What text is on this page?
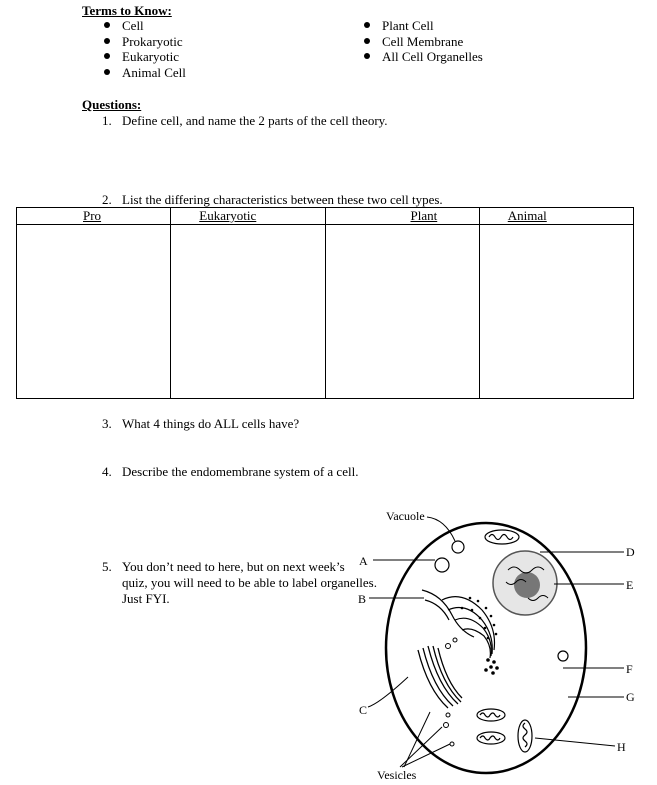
Terms to Know:
Cell
Prokaryotic
Eukaryotic
Animal Cell
Plant Cell
Cell Membrane
All Cell Organelles
Questions:
1. Define cell, and name the 2 parts of the cell theory.
2. List the differing characteristics between these two cell types.
Pro	Eukaryotic	Plant	Animal

3. What 4 things do ALL cells have?
4. Describe the endomembrane system of a cell.
5. You don’t need to here, but on next week’s
quiz, you will need to be able to label organelles.
Just FYI.
Vacuole
Vesicles
A
B
C
D
E
F
G
H
